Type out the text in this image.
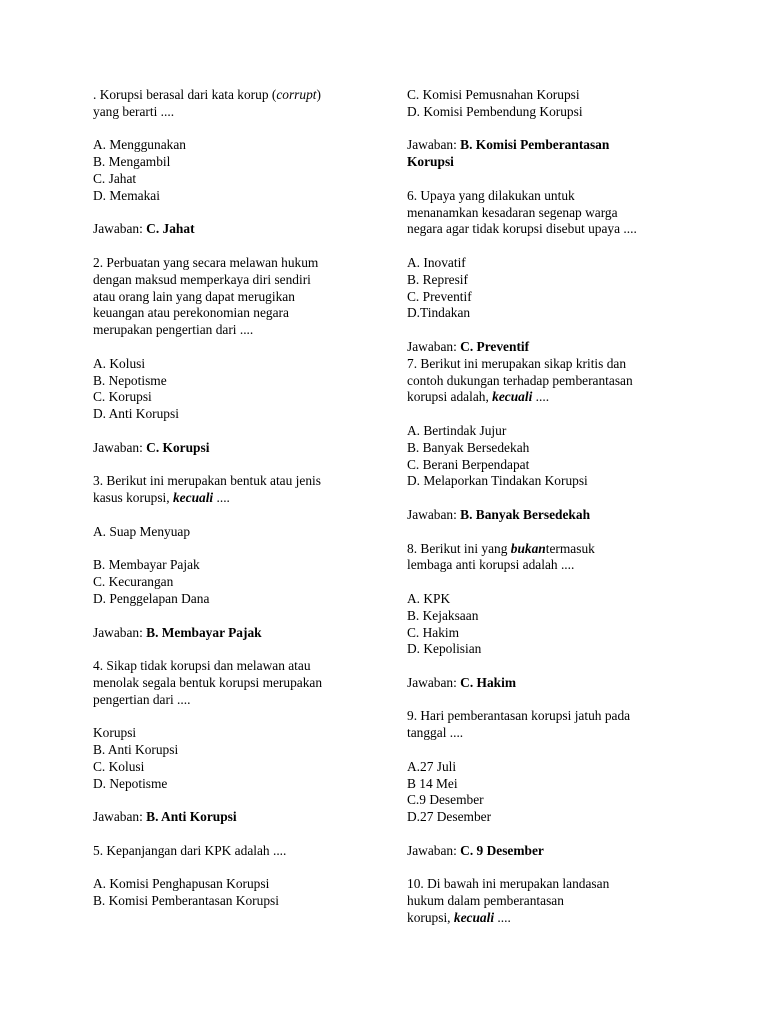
. Korupsi berasal dari kata korup (corrupt)
yang berarti ....
A. Menggunakan
B. Mengambil
C. Jahat
D. Memakai
Jawaban: C. Jahat
2. Perbuatan yang secara melawan hukum
dengan maksud memperkaya diri sendiri
atau orang lain yang dapat merugikan
keuangan atau perekonomian negara
merupakan pengertian dari ....
A. Kolusi
B. Nepotisme
C. Korupsi
D. Anti Korupsi
Jawaban: C. Korupsi
3. Berikut ini merupakan bentuk atau jenis
kasus korupsi, kecuali ....
A. Suap Menyuap
B. Membayar Pajak
C. Kecurangan
D. Penggelapan Dana
Jawaban: B. Membayar Pajak
4. Sikap tidak korupsi dan melawan atau
menolak segala bentuk korupsi merupakan
pengertian dari ....
Korupsi
B. Anti Korupsi
C. Kolusi
D. Nepotisme
Jawaban: B. Anti Korupsi
5. Kepanjangan dari KPK adalah ....
A. Komisi Penghapusan Korupsi
B. Komisi Pemberantasan Korupsi
C. Komisi Pemusnahan Korupsi
D. Komisi Pembendung Korupsi
Jawaban: B. Komisi Pemberantasan
Korupsi
6. Upaya yang dilakukan untuk
menanamkan kesadaran segenap warga
negara agar tidak korupsi disebut upaya ....
A. Inovatif
B. Represif
C. Preventif
D.Tindakan
Jawaban: C. Preventif
7. Berikut ini merupakan sikap kritis dan
contoh dukungan terhadap pemberantasan
korupsi adalah, kecuali ....
A. Bertindak Jujur
B. Banyak Bersedekah
C. Berani Berpendapat
D. Melaporkan Tindakan Korupsi
Jawaban: B. Banyak Bersedekah
8. Berikut ini yang bukantermasuk
lembaga anti korupsi adalah ....
A. KPK
B. Kejaksaan
C. Hakim
D. Kepolisian
Jawaban: C. Hakim
9. Hari pemberantasan korupsi jatuh pada
tanggal ....
A.27 Juli
B 14 Mei
C.9 Desember
D.27 Desember
Jawaban: C. 9 Desember
10. Di bawah ini merupakan landasan
hukum dalam pemberantasan
korupsi, kecuali ....
